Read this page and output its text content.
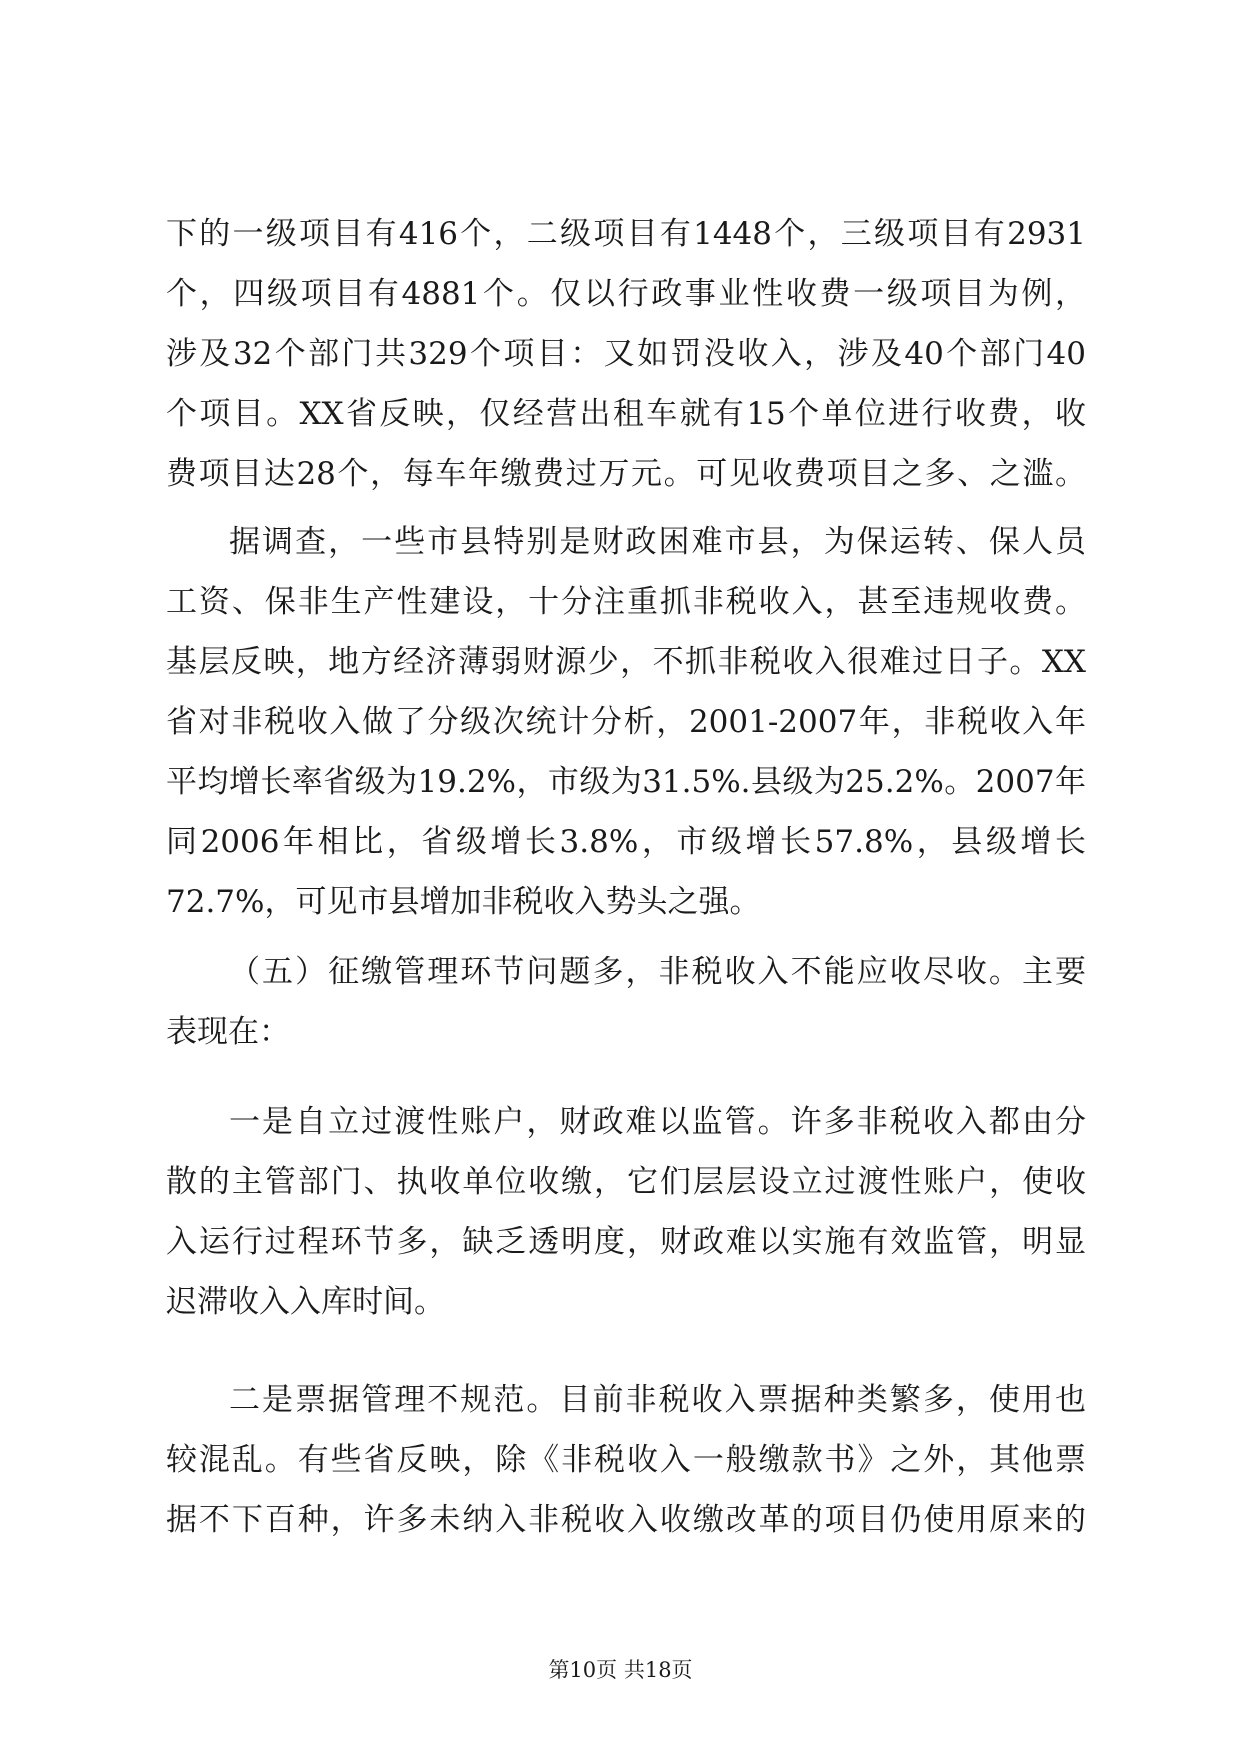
下的一级项目有416个，二级项目有1448个，三级项目有2931
个，四级项目有4881个。仅以行政事业性收费一级项目为例，
涉及32个部门共329个项目：又如罚没收入，涉及40个部门40
个项目。XX省反映，仅经营出租车就有15个单位进行收费，收
费项目达28个，每车年缴费过万元。可见收费项目之多、之滥。
据调查，一些市县特别是财政困难市县，为保运转、保人员
工资、保非生产性建设，十分注重抓非税收入，甚至违规收费。
基层反映，地方经济薄弱财源少，不抓非税收入很难过日子。XX
省对非税收入做了分级次统计分析，2001-2007年，非税收入年
平均增长率省级为19.2%，市级为31.5%.县级为25.2%。2007年
同2006年相比，省级增长3.8%，市级增长57.8%，县级增长
72.7%，可见市县增加非税收入势头之强。
（五）征缴管理环节问题多，非税收入不能应收尽收。主要
表现在：
一是自立过渡性账户，财政难以监管。许多非税收入都由分
散的主管部门、执收单位收缴，它们层层设立过渡性账户，使收
入运行过程环节多，缺乏透明度，财政难以实施有效监管，明显
迟滞收入入库时间。
二是票据管理不规范。目前非税收入票据种类繁多，使用也
较混乱。有些省反映，除《非税收入一般缴款书》之外，其他票
据不下百种，许多未纳入非税收入收缴改革的项目仍使用原来的
第10页 共18页
